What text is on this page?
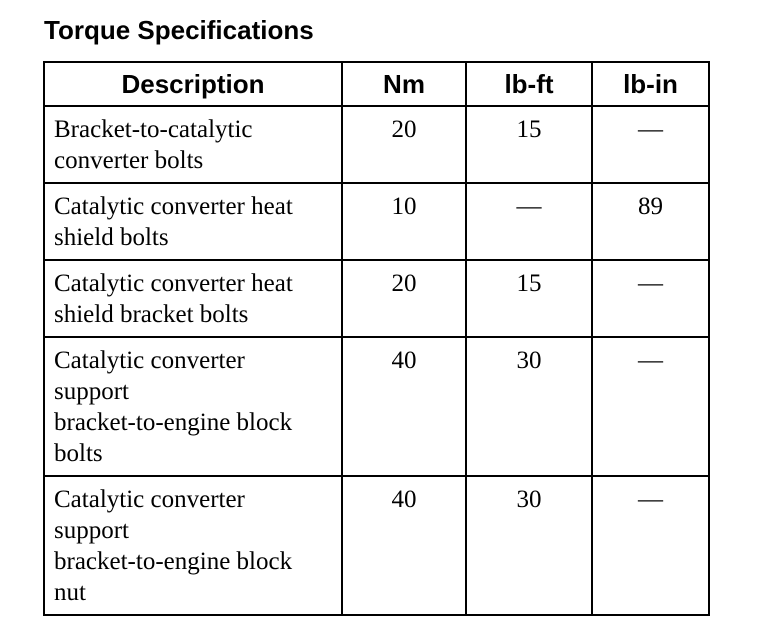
Torque Specifications
Description	Nm	lb-ft	lb-in
Bracket-to-catalytic
converter bolts	20	15	—
Catalytic converter heat
shield bolts	10	—	89
Catalytic converter heat
shield bracket bolts	20	15	—
Catalytic converter
support
bracket-to-engine block
bolts	40	30	—
Catalytic converter
support
bracket-to-engine block
nut	40	30	—
